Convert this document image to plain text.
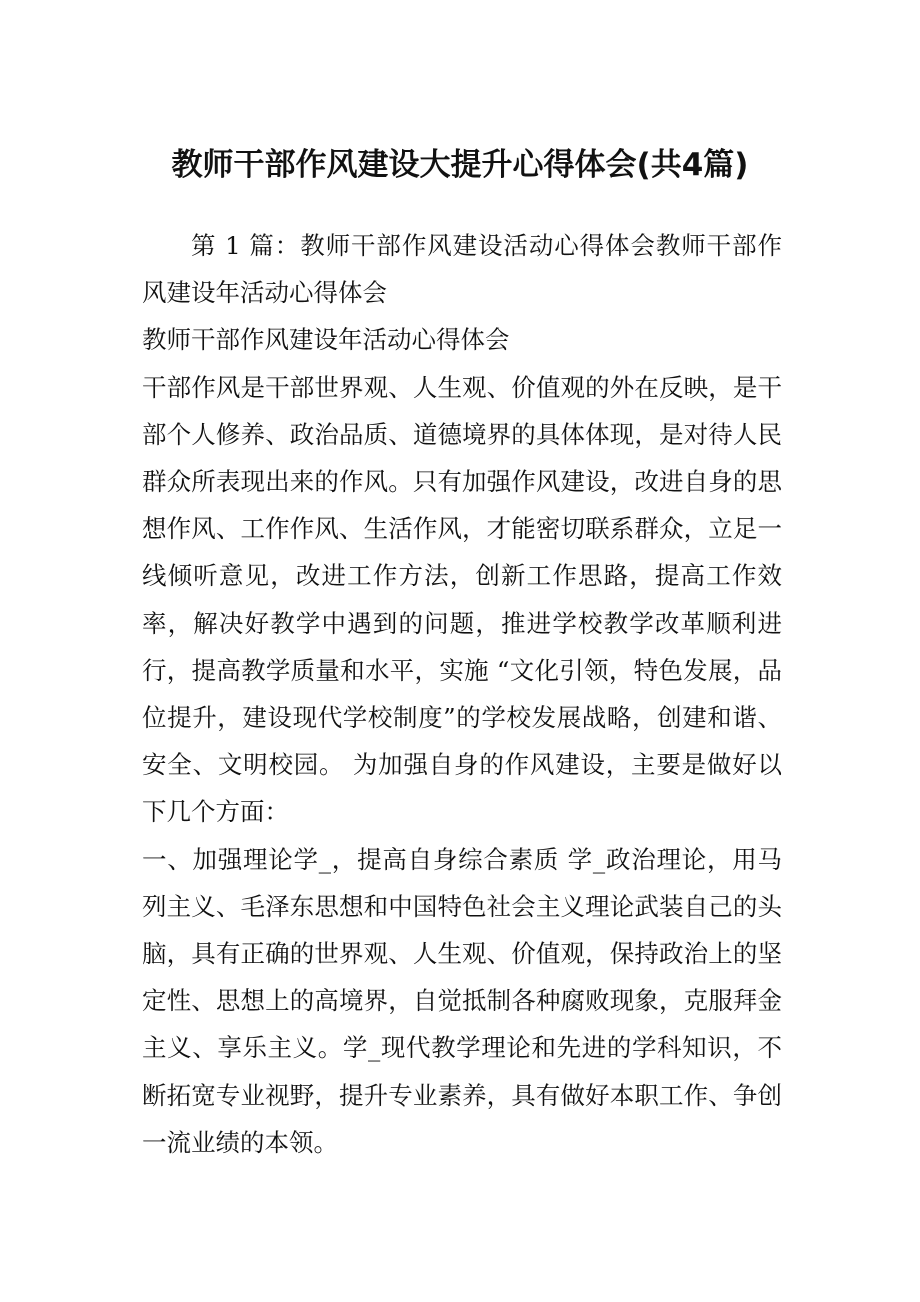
教师干部作风建设大提升心得体会(共4篇)

第 1 篇：教师干部作风建设活动心得体会教师干部作风建设年活动心得体会

教师干部作风建设年活动心得体会

干部作风是干部世界观、人生观、价值观的外在反映，是干部个人修养、政治品质、道德境界的具体体现，是对待人民群众所表现出来的作风。只有加强作风建设，改进自身的思想作风、工作作风、生活作风，才能密切联系群众，立足一线倾听意见，改进工作方法，创新工作思路，提高工作效率，解决好教学中遇到的问题，推进学校教学改革顺利进行，提高教学质量和水平，实施 “文化引领，特色发展，品位提升，建设现代学校制度”的学校发展战略，创建和谐、安全、文明校园。 为加强自身的作风建设，主要是做好以下几个方面：

一、加强理论学_，提高自身综合素质 学_政治理论，用马列主义、毛泽东思想和中国特色社会主义理论武装自己的头脑，具有正确的世界观、人生观、价值观，保持政治上的坚定性、思想上的高境界，自觉抵制各种腐败现象，克服拜金主义、享乐主义。学_现代教学理论和先进的学科知识，不断拓宽专业视野，提升专业素养，具有做好本职工作、争创一流业绩的本领。
